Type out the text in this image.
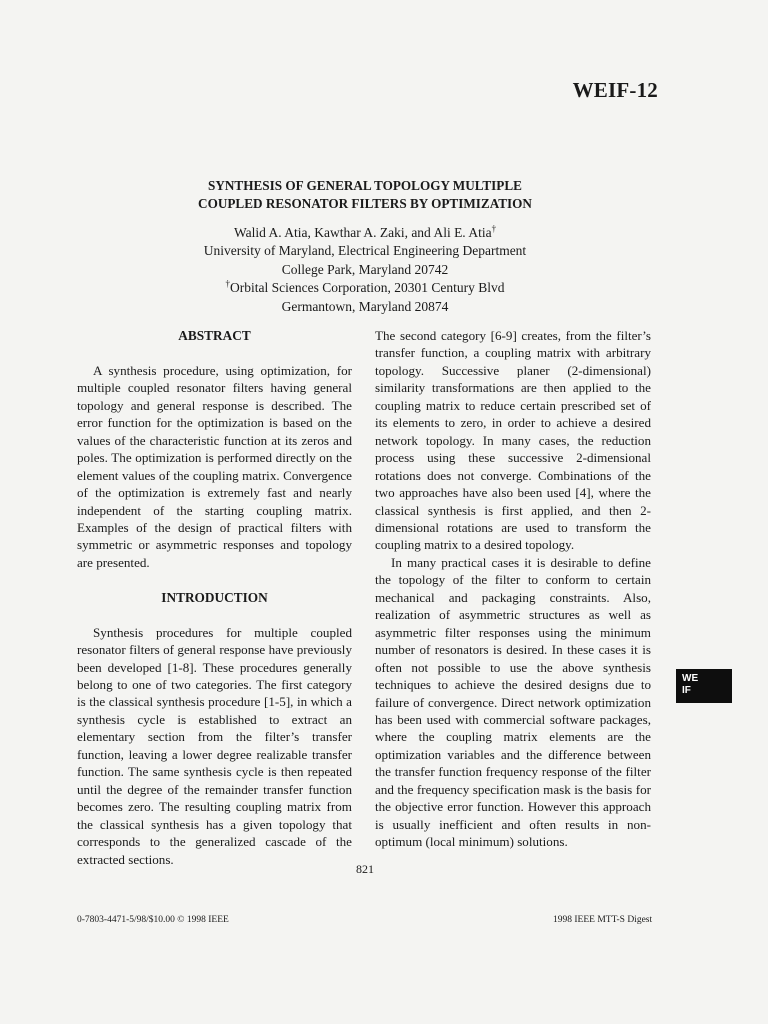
WEIF-12
SYNTHESIS OF GENERAL TOPOLOGY MULTIPLE
COUPLED RESONATOR FILTERS BY OPTIMIZATION
Walid A. Atia, Kawthar A. Zaki, and Ali E. Atia†
University of Maryland, Electrical Engineering Department
College Park, Maryland 20742
†Orbital Sciences Corporation, 20301 Century Blvd
Germantown, Maryland 20874
ABSTRACT

A synthesis procedure, using optimization, for multiple coupled resonator filters having general topology and general response is described. The error function for the optimization is based on the values of the characteristic function at its zeros and poles. The optimization is performed directly on the element values of the coupling matrix. Convergence of the optimization is extremely fast and nearly independent of the starting coupling matrix. Examples of the design of practical filters with symmetric or asymmetric responses and topology are presented.

INTRODUCTION

Synthesis procedures for multiple coupled resonator filters of general response have previously been developed [1-8]. These procedures generally belong to one of two categories. The first category is the classical synthesis procedure [1-5], in which a synthesis cycle is established to extract an elementary section from the filter’s transfer function, leaving a lower degree realizable transfer function. The same synthesis cycle is then repeated until the degree of the remainder transfer function becomes zero. The resulting coupling matrix from the classical synthesis has a given topology that corresponds to the generalized cascade of the extracted sections.

The second category [6-9] creates, from the filter’s transfer function, a coupling matrix with arbitrary topology. Successive planer (2-dimensional) similarity transformations are then applied to the coupling matrix to reduce certain prescribed set of its elements to zero, in order to achieve a desired network topology. In many cases, the reduction process using these successive 2-dimensional rotations does not converge. Combinations of the two approaches have also been used [4], where the classical synthesis is first applied, and then 2-dimensional rotations are used to transform the coupling matrix to a desired topology.

In many practical cases it is desirable to define the topology of the filter to conform to certain mechanical and packaging constraints. Also, realization of asymmetric structures as well as asymmetric filter responses using the minimum number of resonators is desired. In these cases it is often not possible to use the above synthesis techniques to achieve the desired designs due to failure of convergence. Direct network optimization has been used with commercial software packages, where the coupling matrix elements are the optimization variables and the difference between the transfer function frequency response of the filter and the frequency specification mask is the basis for the objective error function. However this approach is usually inefficient and often results in non-optimum (local minimum) solutions.

821
0-7803-4471-5/98/$10.00 © 1998 IEEE	1998 IEEE MTT-S Digest
WE
IF
